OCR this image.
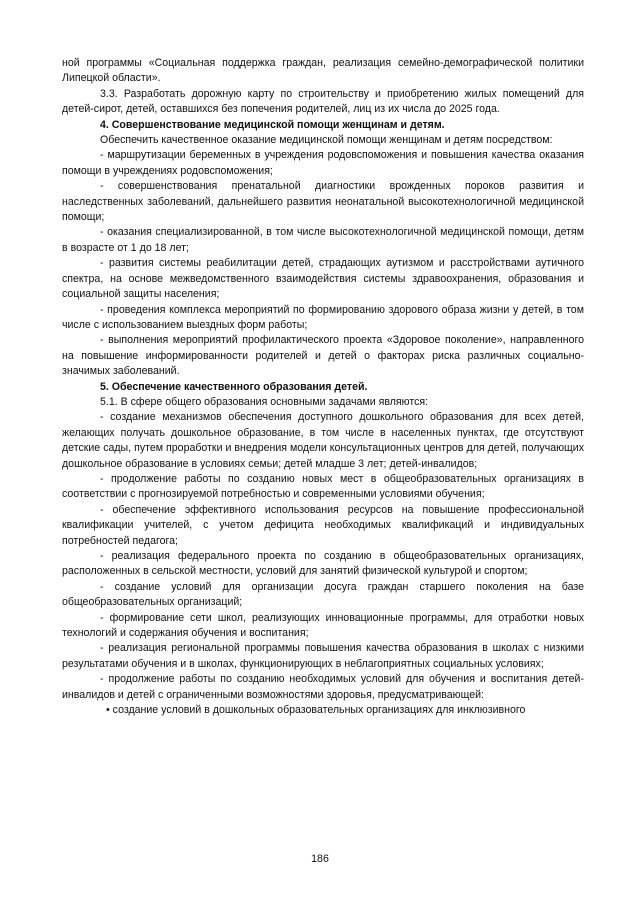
ной программы «Социальная поддержка граждан, реализация семейно-демографической политики Липецкой области».

3.3. Разработать дорожную карту по строительству и приобретению жилых помещений для детей-сирот, детей, оставшихся без попечения родителей, лиц из их числа до 2025 года.

4. Совершенствование медицинской помощи женщинам и детям.

Обеспечить качественное оказание медицинской помощи женщинам и детям посредством:

- маршрутизации беременных в учреждения родовспоможения и повышения качества оказания помощи в учреждениях родовспоможения;

- совершенствования пренатальной диагностики врожденных пороков развития и наследственных заболеваний, дальнейшего развития неонатальной высокотехнологичной медицинской помощи;

- оказания специализированной, в том числе высокотехнологичной медицинской помощи, детям в возрасте от 1 до 18 лет;

- развития системы реабилитации детей, страдающих аутизмом и расстройствами аутичного спектра, на основе межведомственного взаимодействия системы здравоохранения, образования и социальной защиты населения;

- проведения комплекса мероприятий по формированию здорового образа жизни у детей, в том числе с использованием выездных форм работы;

- выполнения мероприятий профилактического проекта «Здоровое поколение», направленного на повышение информированности родителей и детей о факторах риска различных социально-значимых заболеваний.

5. Обеспечение качественного образования детей.

5.1. В сфере общего образования основными задачами являются:

- создание механизмов обеспечения доступного дошкольного образования для всех детей, желающих получать дошкольное образование, в том числе в населенных пунктах, где отсутствуют детские сады, путем проработки и внедрения модели консультационных центров для детей, получающих дошкольное образование в условиях семьи; детей младше 3 лет; детей-инвалидов;

- продолжение работы по созданию новых мест в общеобразовательных организациях в соответствии с прогнозируемой потребностью и современными условиями обучения;

- обеспечение эффективного использования ресурсов на повышение профессиональной квалификации учителей, с учетом дефицита необходимых квалификаций и индивидуальных потребностей педагога;

- реализация федерального проекта по созданию в общеобразовательных организациях, расположенных в сельской местности, условий для занятий физической культурой и спортом;

- создание условий для организации досуга граждан старшего поколения на базе общеобразовательных организаций;

- формирование сети школ, реализующих инновационные программы, для отработки новых технологий и содержания обучения и воспитания;

- реализация региональной программы повышения качества образования в школах с низкими результатами обучения и в школах, функционирующих в неблагоприятных социальных условиях;

- продолжение работы по созданию необходимых условий для обучения и воспитания детей-инвалидов и детей с ограниченными возможностями здоровья, предусматривающей:

• создание условий в дошкольных образовательных организациях для инклюзивного

186
